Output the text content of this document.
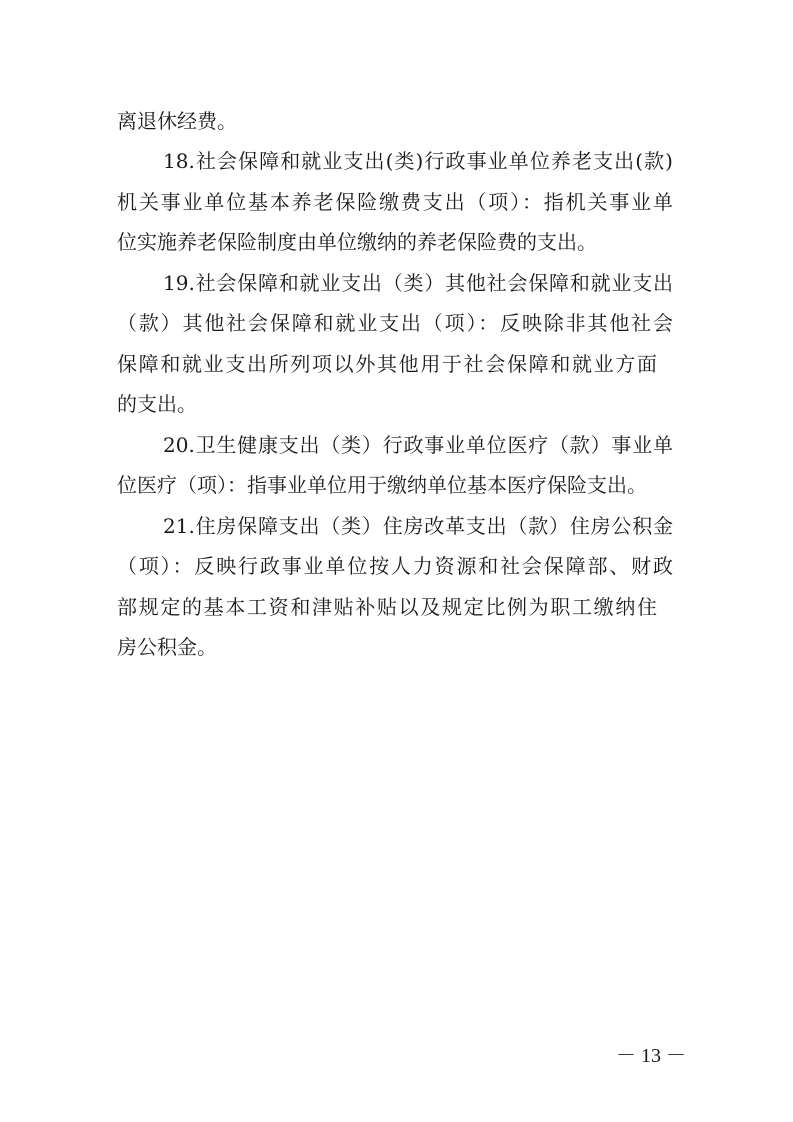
离退休经费。
18.社会保障和就业支出(类)行政事业单位养老支出(款)
机关事业单位基本养老保险缴费支出（项）：指机关事业单
位实施养老保险制度由单位缴纳的养老保险费的支出。
19.社会保障和就业支出（类）其他社会保障和就业支出
（款）其他社会保障和就业支出（项）：反映除非其他社会
保障和就业支出所列项以外其他用于社会保障和就业方面
的支出。
20.卫生健康支出（类）行政事业单位医疗（款）事业单
位医疗（项）：指事业单位用于缴纳单位基本医疗保险支出。
21.住房保障支出（类）住房改革支出（款）住房公积金
（项）：反映行政事业单位按人力资源和社会保障部、财政
部规定的基本工资和津贴补贴以及规定比例为职工缴纳住
房公积金。
－ 13 －
